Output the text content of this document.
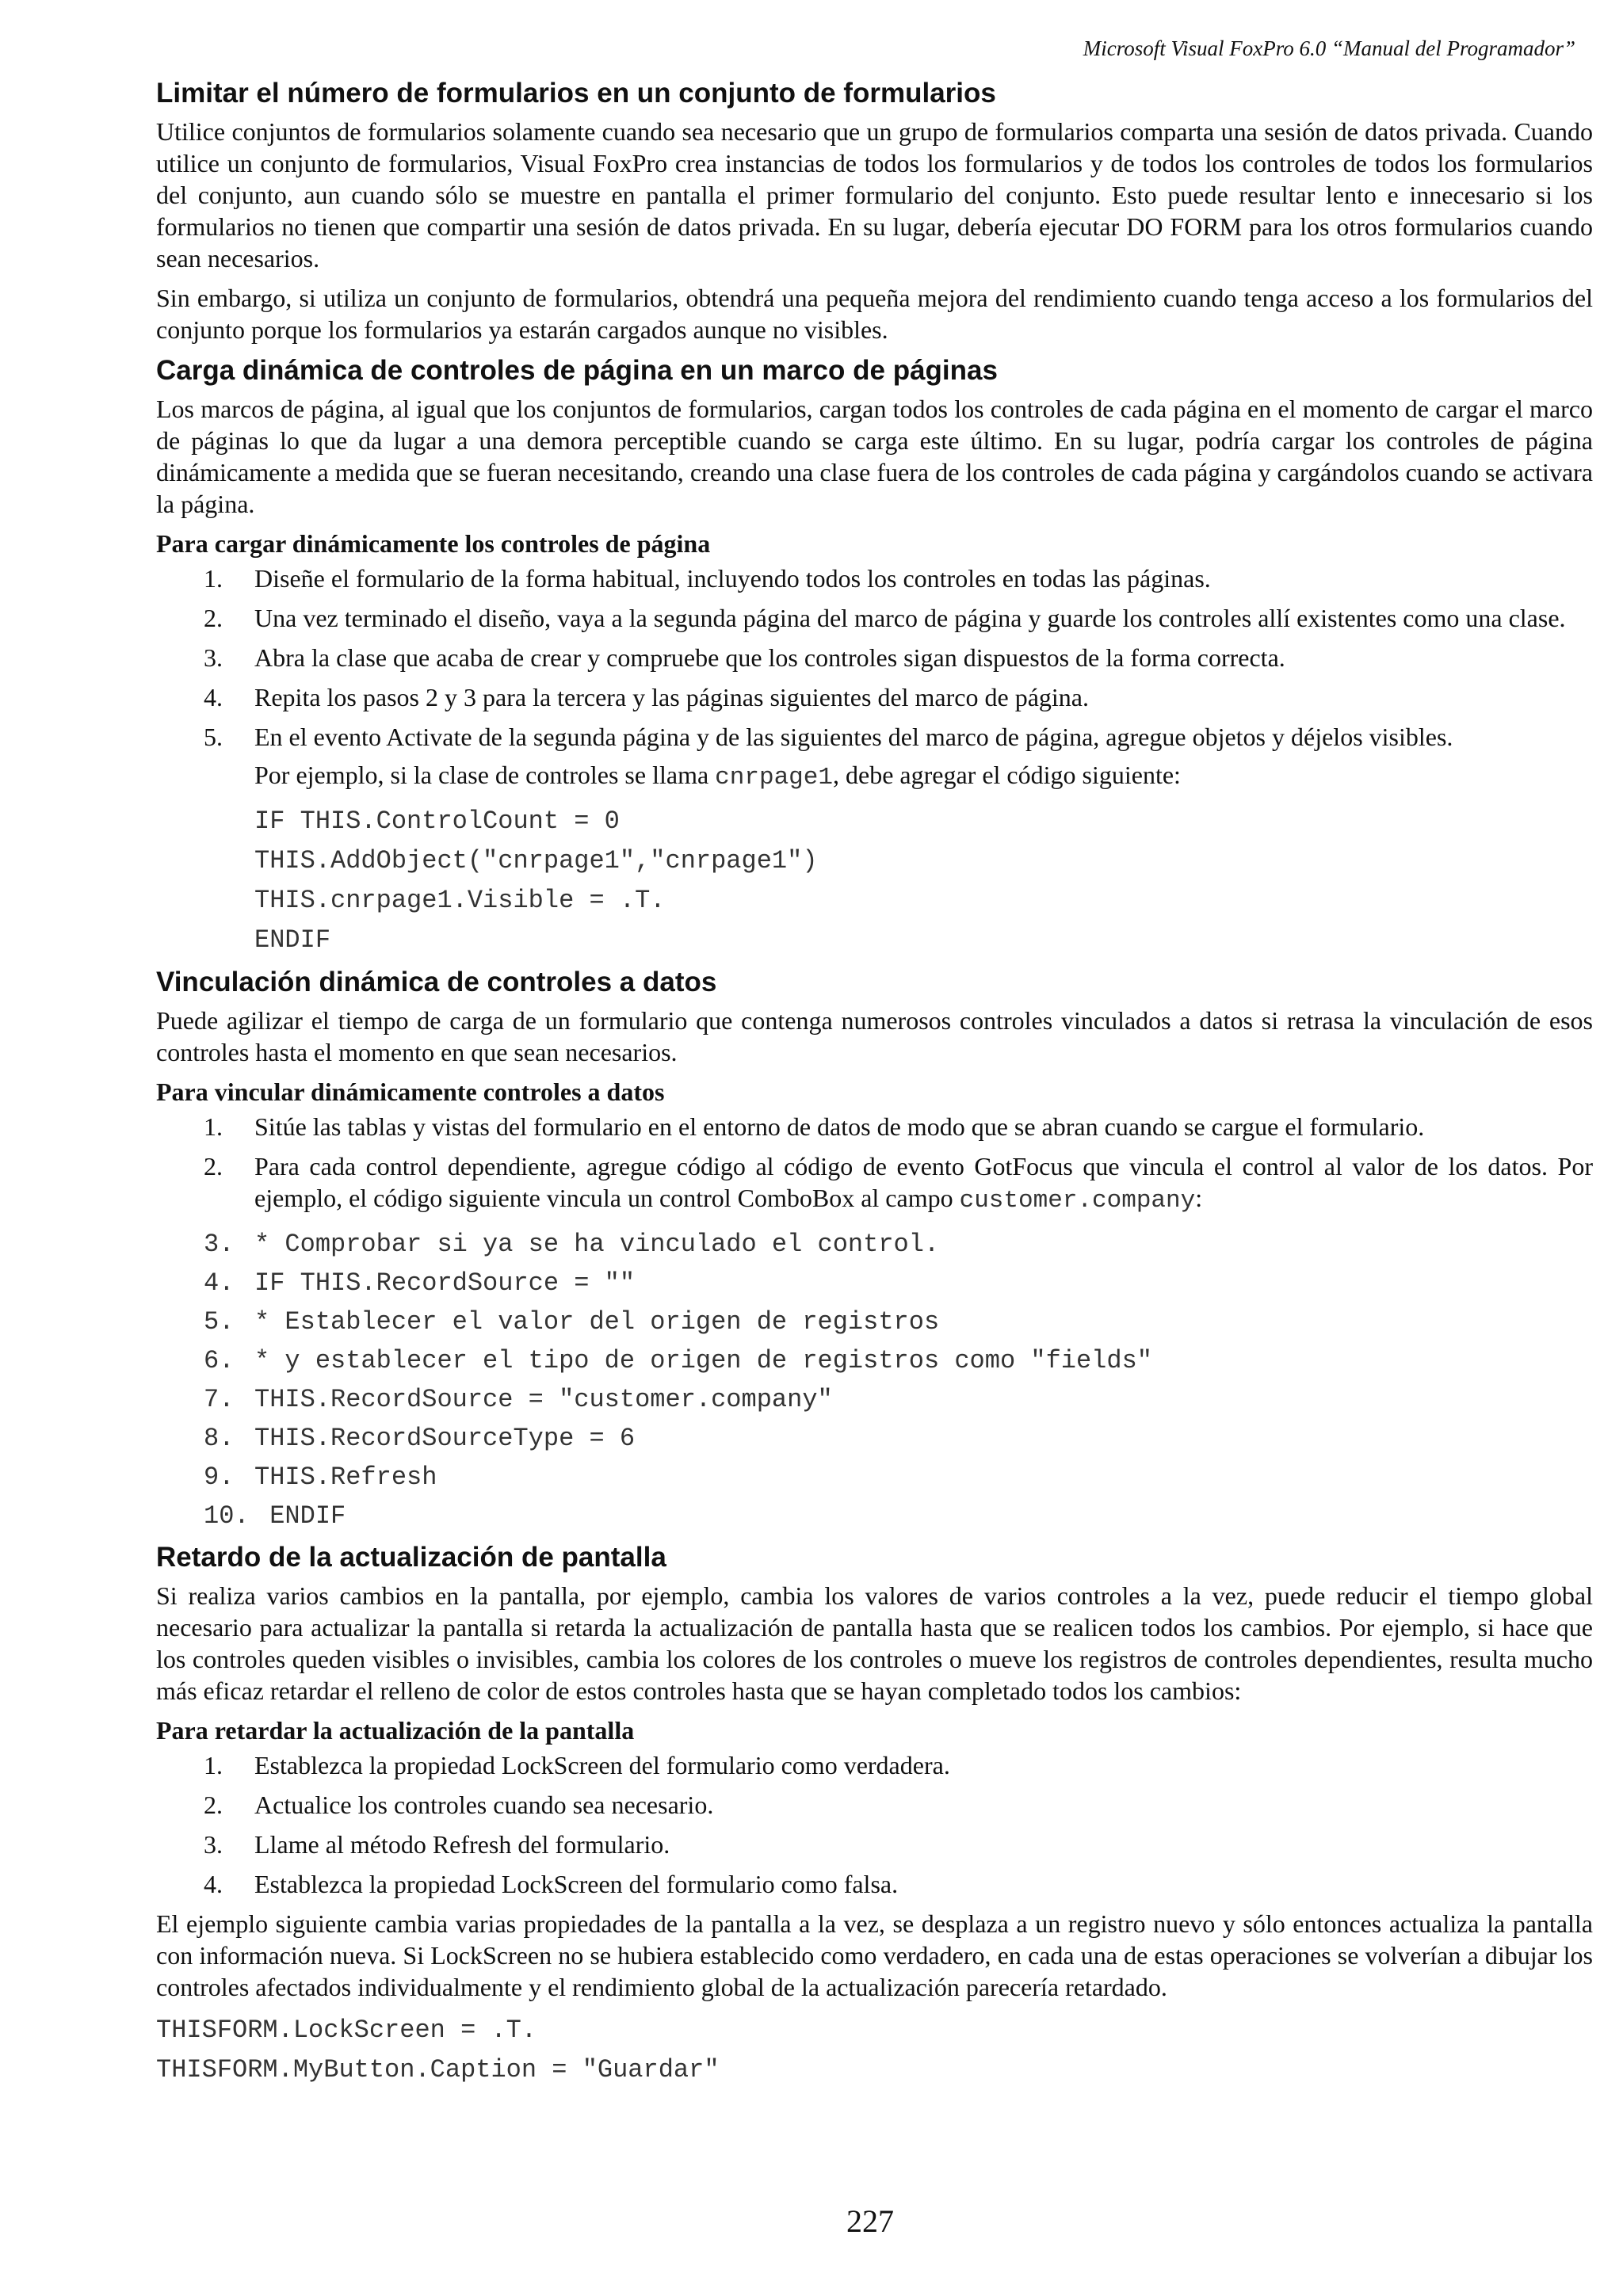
Microsoft Visual FoxPro 6.0 “Manual del Programador”
Limitar el número de formularios en un conjunto de formularios

Utilice conjuntos de formularios solamente cuando sea necesario que un grupo de formularios comparta una sesión de datos privada. Cuando utilice un conjunto de formularios, Visual FoxPro crea instancias de todos los formularios y de todos los controles de todos los formularios del conjunto, aun cuando sólo se muestre en pantalla el primer formulario del conjunto. Esto puede resultar lento e innecesario si los formularios no tienen que compartir una sesión de datos privada. En su lugar, debería ejecutar DO FORM para los otros formularios cuando sean necesarios.

Sin embargo, si utiliza un conjunto de formularios, obtendrá una pequeña mejora del rendimiento cuando tenga acceso a los formularios del conjunto porque los formularios ya estarán cargados aunque no visibles.

Carga dinámica de controles de página en un marco de páginas

Los marcos de página, al igual que los conjuntos de formularios, cargan todos los controles de cada página en el momento de cargar el marco de páginas lo que da lugar a una demora perceptible cuando se carga este último. En su lugar, podría cargar los controles de página dinámicamente a medida que se fueran necesitando, creando una clase fuera de los controles de cada página y cargándolos cuando se activara la página.

Para cargar dinámicamente los controles de página

1. Diseñe el formulario de la forma habitual, incluyendo todos los controles en todas las páginas.
2. Una vez terminado el diseño, vaya a la segunda página del marco de página y guarde los controles allí existentes como una clase.
3. Abra la clase que acaba de crear y compruebe que los controles sigan dispuestos de la forma correcta.
4. Repita los pasos 2 y 3 para la tercera y las páginas siguientes del marco de página.
5. En el evento Activate de la segunda página y de las siguientes del marco de página, agregue objetos y déjelos visibles.
Por ejemplo, si la clase de controles se llama cnrpage1, debe agregar el código siguiente:
IF THIS.ControlCount = 0
THIS.AddObject("cnrpage1","cnrpage1")
THIS.cnrpage1.Visible = .T.
ENDIF
Vinculación dinámica de controles a datos

Puede agilizar el tiempo de carga de un formulario que contenga numerosos controles vinculados a datos si retrasa la vinculación de esos controles hasta el momento en que sean necesarios.

Para vincular dinámicamente controles a datos

1. Sitúe las tablas y vistas del formulario en el entorno de datos de modo que se abran cuando se cargue el formulario.
2. Para cada control dependiente, agregue código al código de evento GotFocus que vincula el control al valor de los datos. Por ejemplo, el código siguiente vincula un control ComboBox al campo customer.company:
3. * Comprobar si ya se ha vinculado el control.
4. IF THIS.RecordSource = ""
5. * Establecer el valor del origen de registros
6. * y establecer el tipo de origen de registros como "fields"
7. THIS.RecordSource = "customer.company"
8. THIS.RecordSourceType = 6
9. THIS.Refresh
10. ENDIF
Retardo de la actualización de pantalla

Si realiza varios cambios en la pantalla, por ejemplo, cambia los valores de varios controles a la vez, puede reducir el tiempo global necesario para actualizar la pantalla si retarda la actualización de pantalla hasta que se realicen todos los cambios. Por ejemplo, si hace que los controles queden visibles o invisibles, cambia los colores de los controles o mueve los registros de controles dependientes, resulta mucho más eficaz retardar el relleno de color de estos controles hasta que se hayan completado todos los cambios:

Para retardar la actualización de la pantalla

1. Establezca la propiedad LockScreen del formulario como verdadera.
2. Actualice los controles cuando sea necesario.
3. Llame al método Refresh del formulario.
4. Establezca la propiedad LockScreen del formulario como falsa.

El ejemplo siguiente cambia varias propiedades de la pantalla a la vez, se desplaza a un registro nuevo y sólo entonces actualiza la pantalla con información nueva. Si LockScreen no se hubiera establecido como verdadero, en cada una de estas operaciones se volverían a dibujar los controles afectados individualmente y el rendimiento global de la actualización parecería retardado.

THISFORM.LockScreen = .T.
THISFORM.MyButton.Caption = "Guardar"
227
